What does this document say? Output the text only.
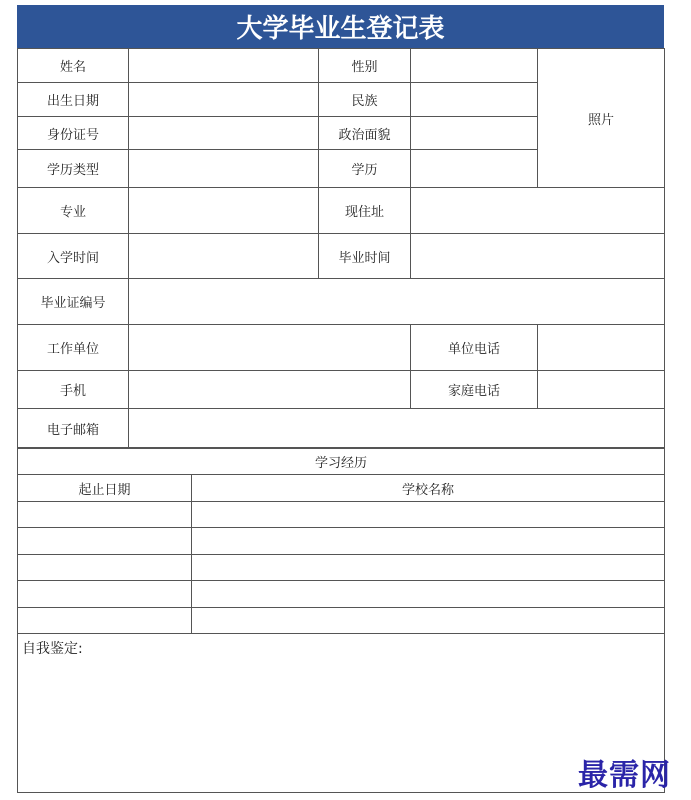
大学毕业生登记表
姓名		性别		照片
出生日期		民族		
身份证号		政治面貌		
学历类型		学历		
专业		现住址		
入学时间		毕业时间		
毕业证编号				
工作单位			单位电话	
手机			家庭电话	
电子邮箱				
学习经历	
起止日期	学校名称

自我鉴定:	
最需网
